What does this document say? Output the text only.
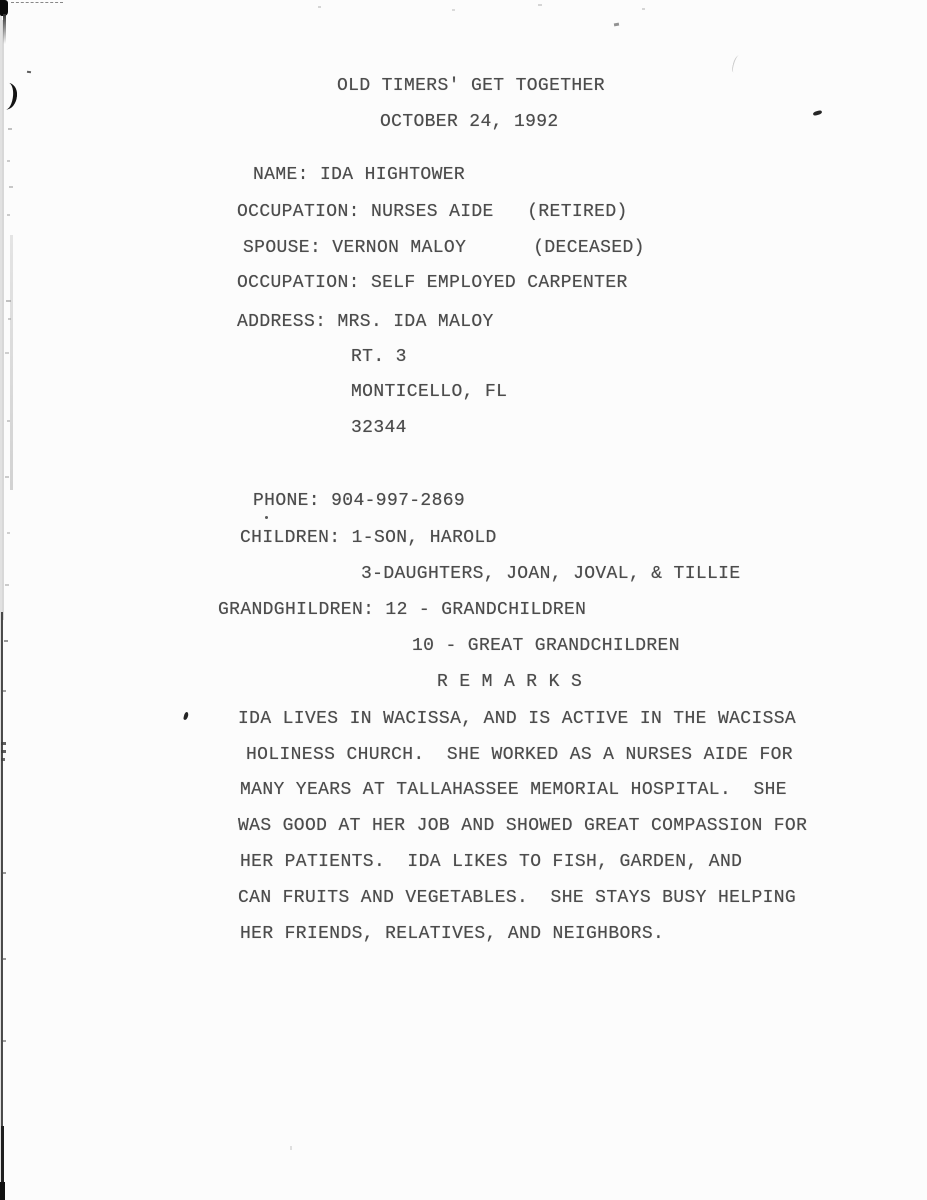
OLD TIMERS' GET TOGETHER
OCTOBER 24, 1992
NAME: IDA HIGHTOWER
OCCUPATION: NURSES AIDE   (RETIRED)
SPOUSE: VERNON MALOY      (DECEASED)
OCCUPATION: SELF EMPLOYED CARPENTER
ADDRESS: MRS. IDA MALOY
RT. 3
MONTICELLO, FL
32344
PHONE: 904-997-2869
CHILDREN: 1-SON, HAROLD
3-DAUGHTERS, JOAN, JOVAL, & TILLIE
GRANDGHILDREN: 12 - GRANDCHILDREN
10 - GREAT GRANDCHILDREN
R E M A R K S
IDA LIVES IN WACISSA, AND IS ACTIVE IN THE WACISSA
HOLINESS CHURCH.  SHE WORKED AS A NURSES AIDE FOR
MANY YEARS AT TALLAHASSEE MEMORIAL HOSPITAL.  SHE
WAS GOOD AT HER JOB AND SHOWED GREAT COMPASSION FOR
HER PATIENTS.  IDA LIKES TO FISH, GARDEN, AND
CAN FRUITS AND VEGETABLES.  SHE STAYS BUSY HELPING
HER FRIENDS, RELATIVES, AND NEIGHBORS.
